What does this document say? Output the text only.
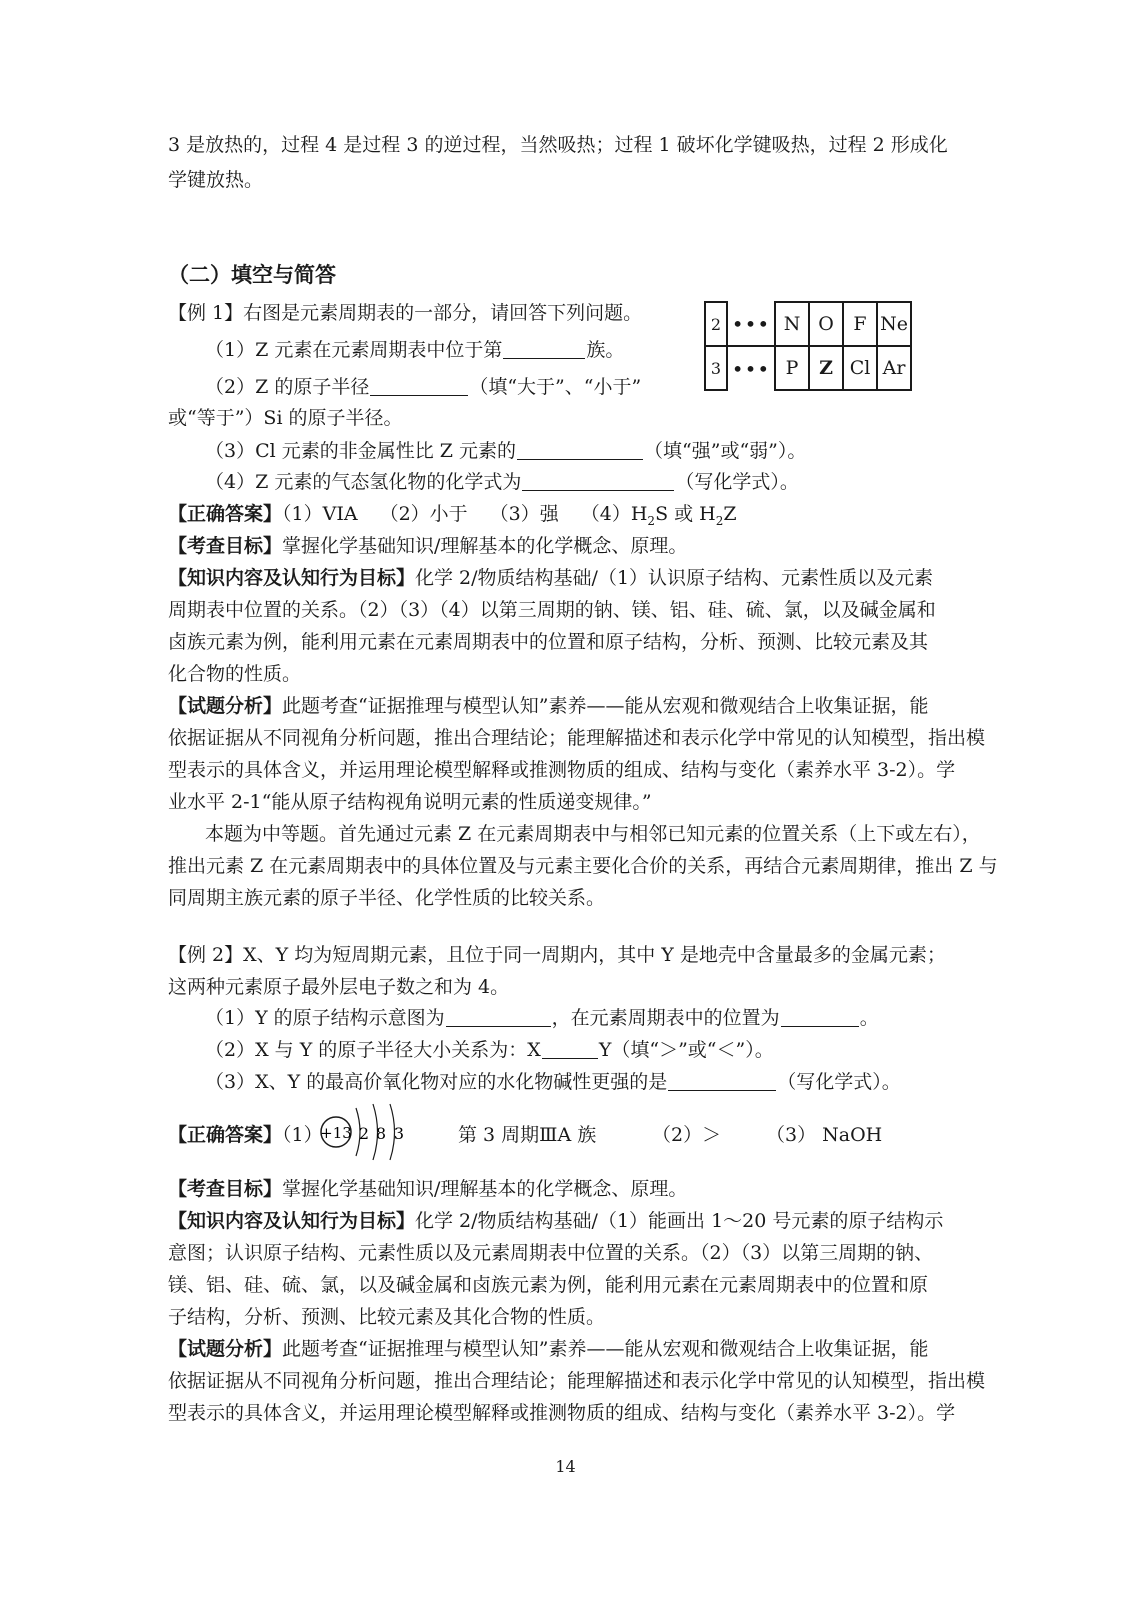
3 是放热的，过程 4 是过程 3 的逆过程，当然吸热；过程 1 破坏化学键吸热，过程 2 形成化
学键放热。
（二）填空与简答
【例 1】右图是元素周期表的一部分，请回答下列问题。
（1）Z 元素在元素周期表中位于第	族。
（2）Z 的原子半径	（填“大于”、“小于”
或“等于”）Si 的原子半径。
（3）Cl 元素的非金属性比 Z 元素的	（填“强”或“弱”）。
（4）Z 元素的气态氢化物的化学式为	（写化学式）。
【正确答案】（1）VIA （2）小于 （3）强 $(4)H_2S$ 或 $H_2Z$
【考查目标】掌握化学基础知识/理解基本的化学概念、原理。
【知识内容及认知行为目标】化学 2/物质结构基础/（1）认识原子结构、元素性质以及元素
周期表中位置的关系。（2）（3）（4）以第三周期的钠、镁、铝、硅、硫、氯，以及碱金属和
卤族元素为例，能利用元素在元素周期表中的位置和原子结构，分析、预测、比较元素及其
化合物的性质。
【试题分析】此题考查“证据推理与模型认知”素养——能从宏观和微观结合上收集证据，能
依据证据从不同视角分析问题，推出合理结论；能理解描述和表示化学中常见的认知模型，指出模
型表示的具体含义，并运用理论模型解释或推测物质的组成、结构与变化（素养水平 3-2）。学
业水平 2-1“能从原子结构视角说明元素的性质递变规律。”
本题为中等题。首先通过元素 Z 在元素周期表中与相邻已知元素的位置关系（上下或左右），
推出元素 Z 在元素周期表中的具体位置及与元素主要化合价的关系，再结合元素周期律，推出 Z 与
同周期主族元素的原子半径、化学性质的比较关系。
2	•••	N	O	F	Ne
3	•••	P	Z	Cl	Ar
【例 2】X、Y 均为短周期元素，且位于同一周期内，其中 Y 是地壳中含量最多的金属元素；
这两种元素原子最外层电子数之和为 4。
（1）Y 的原子结构示意图为	，在元素周期表中的位置为	。
（2）X 与 Y 的原子半径大小关系为：X	Y（填“＞”或“＜”）。
（3）X、Y 的最高价氧化物对应的水化物碱性更强的是	（写化学式）。
【正确答案】（1）
+13 2 8 3	第 3 周期ⅢA 族	（2）＞ （3） NaOH
【考查目标】掌握化学基础知识/理解基本的化学概念、原理。
【知识内容及认知行为目标】化学 2/物质结构基础/（1）能画出 1～20 号元素的原子结构示
意图；认识原子结构、元素性质以及元素周期表中位置的关系。（2）（3）以第三周期的钠、
镁、铝、硅、硫、氯，以及碱金属和卤族元素为例，能利用元素在元素周期表中的位置和原
子结构，分析、预测、比较元素及其化合物的性质。
【试题分析】此题考查“证据推理与模型认知”素养——能从宏观和微观结合上收集证据，能
依据证据从不同视角分析问题，推出合理结论；能理解描述和表示化学中常见的认知模型，指出模
型表示的具体含义，并运用理论模型解释或推测物质的组成、结构与变化（素养水平 3-2）。学
14
